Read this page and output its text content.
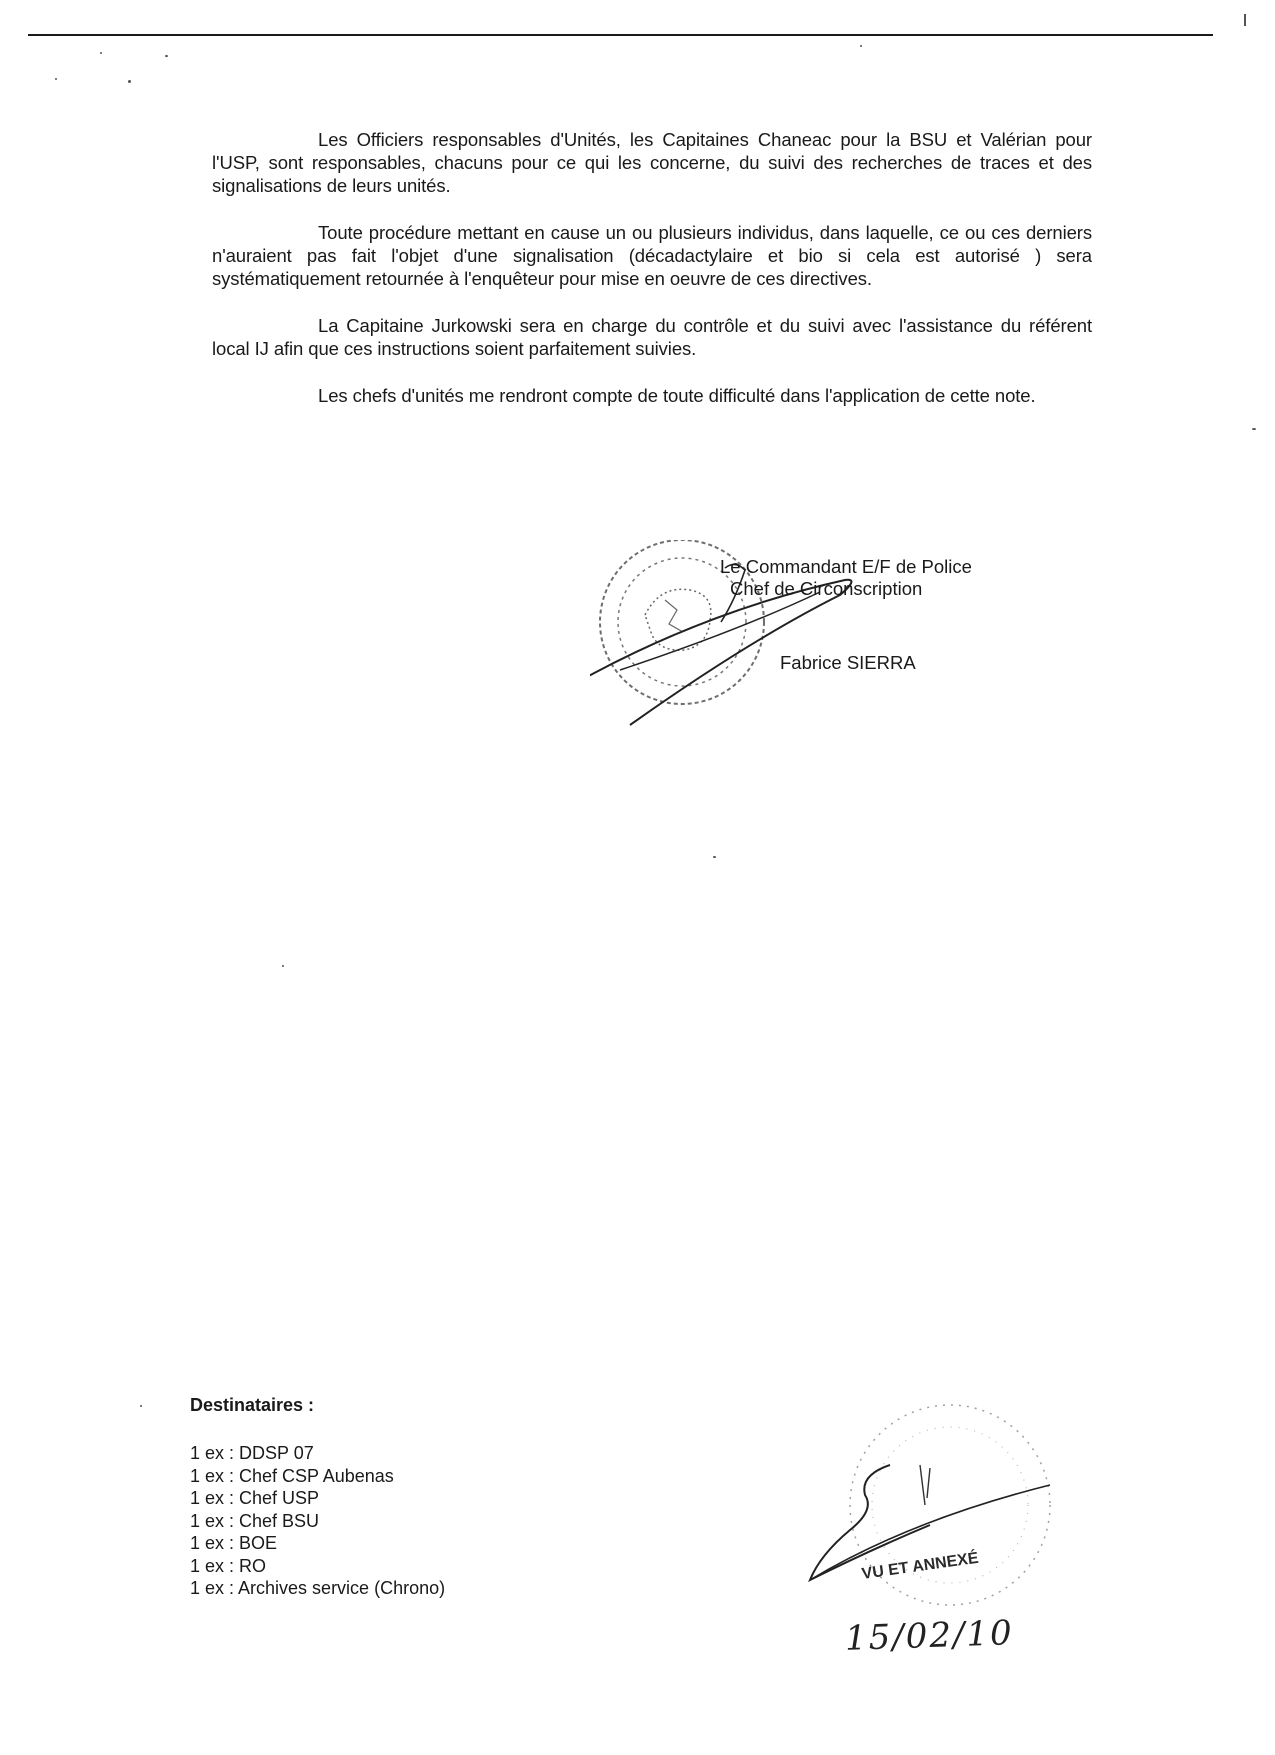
Les Officiers responsables d'Unités, les Capitaines Chaneac pour la BSU et Valérian pour l'USP, sont responsables, chacuns pour ce qui les concerne, du suivi des recherches de traces et des signalisations de leurs unités.

Toute procédure mettant en cause un ou plusieurs individus, dans laquelle, ce ou ces derniers n'auraient pas fait l'objet d'une signalisation (décadactylaire et bio si cela est autorisé ) sera systématiquement retournée à l'enquêteur pour mise en oeuvre de ces directives.

La Capitaine Jurkowski sera en charge du contrôle et du suivi avec l'assistance du référent local IJ afin que ces instructions soient parfaitement suivies.

Les chefs d'unités me rendront compte de toute difficulté dans l'application de cette note.

Le Commandant E/F de Police
Chef de Circonscription
Fabrice SIERRA

Destinataires :

1 ex : DDSP 07
1 ex : Chef CSP Aubenas
1 ex : Chef USP
1 ex : Chef BSU
1 ex : BOE
1 ex : RO
1 ex : Archives service (Chrono)
VU ET ANNEXÉ
15/02/10
